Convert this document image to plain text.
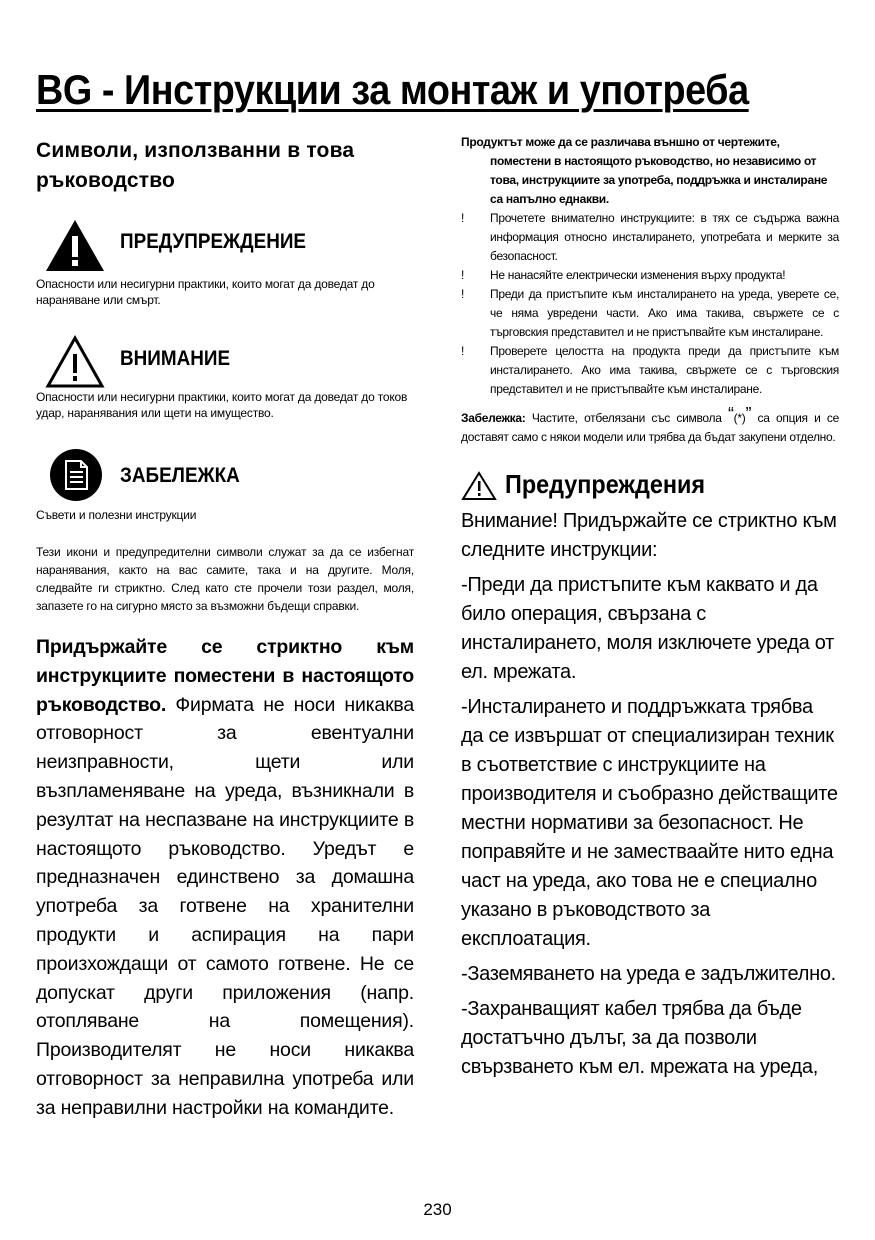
BG - Инструкции за монтаж и употреба
Символи, използванни в това ръководство
ПРЕДУПРЕЖДЕНИЕ
Опасности или несигурни практики, които могат да доведат до нараняване или смърт.
ВНИМАНИЕ
Опасности или несигурни практики, които могат да доведат до токов удар, наранявания или щети на имущество.
ЗАБЕЛЕЖКА
Съвети и полезни инструкции
Тези икони и предупредителни символи служат за да се избегнат наранявания, както на вас самите, така и на другите. Моля, следвайте ги стриктно. След като сте прочели този раздел, моля, запазете го на сигурно място за възможни бъдещи справки.
Придържайте се стриктно към инструкциите поместени в настоящото ръководство. Фирмата не носи никаква отговорност за евентуални неизправности, щети или възпламеняване на уреда, възникнали в резултат на неспазване на инструкциите в настоящото ръководство. Уредът е предназначен единствено за домашна употреба за готвене на хранителни продукти и аспирация на пари произхождащи от самото готвене. Не се допускат други приложения (напр. отопляване на помещения). Производителят не носи никаква отговорност за неправилна употреба или за неправилни настройки на командите.
Продуктът може да се различава външно от чертежите,
поместени в настоящото ръководство, но независимо от това, инструкциите за употреба, поддръжка и инсталиране са напълно еднакви.
! Прочетете внимателно инструкциите: в тях се съдържа важна информация относно инсталирането, употребата и мерките за безопасност.
! Не нанасяйте електрически изменения върху продукта!
! Преди да пристъпите към инсталирането на уреда, уверете се, че няма увредени части. Ако има такива, свържете се с търговския представител и не пристъпвайте към инсталиране.
! Проверете целостта на продукта преди да пристъпите към инсталирането. Ако има такива, свържете се с търговския представител и не пристъпвайте към инсталиране.
Забележка: Частите, отбелязани със символа “(*)” са опция и се доставят само с някои модели или трябва да бъдат закупени отделно.
Предупреждения

Внимание! Придържайте се стриктно към следните инструкции:

-Преди да пристъпите към каквато и да било операция, свързана с инсталирането, моля изключете уреда от ел. мрежата.

-Инсталирането и поддръжката трябва да се извършат от специализиран техник в съответствие с инструкциите на производителя и съобразно действащите местни нормативи за безопасност. Не поправяйте и не заместваайте нито една част на уреда, ако това не е специално указано в ръководството за експлоатация.

-Заземяването на уреда е задължително.

-Захранващият кабел трябва да бъде достатъчно дълъг, за да позволи свързването към ел. мрежата на уреда,

230
